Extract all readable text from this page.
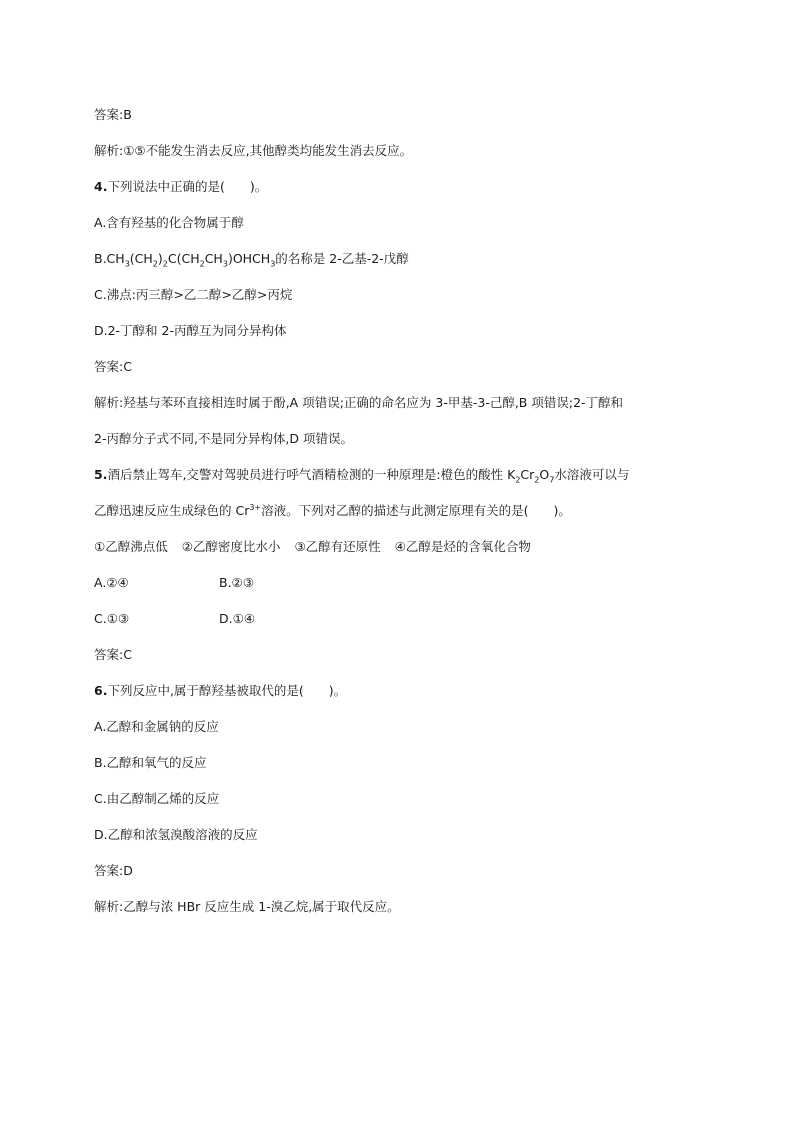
答案:B
解析:①⑤不能发生消去反应,其他醇类均能发生消去反应。
4.下列说法中正确的是(　　)。
A.含有羟基的化合物属于醇
$B.CH_3(CH_2)_2C(CH_2CH_3)OHCH_3$的名称是 2-乙基-2-戊醇
C.沸点:丙三醇>乙二醇>乙醇>丙烷
D.2-丁醇和 2-丙醇互为同分异构体
答案:C
解析:羟基与苯环直接相连时属于酚,A 项错误;正确的命名应为 3-甲基-3-己醇,B 项错误;2-丁醇和
2-丙醇分子式不同,不是同分异构体,D 项错误。
5.酒后禁止驾车,交警对驾驶员进行呼气酒精检测的一种原理是:橙色的酸性 $K_2Cr_2O_7$水溶液可以与
乙醇迅速反应生成绿色的 $Cr^{3+}$溶液。下列对乙醇的描述与此测定原理有关的是(　　)。
①乙醇沸点低 ②乙醇密度比水小 ③乙醇有还原性 ④乙醇是烃的含氧化合物
A.②④	B.②③
C.①③	D.①④
答案:C
6.下列反应中,属于醇羟基被取代的是(　　)。
A.乙醇和金属钠的反应
B.乙醇和氧气的反应
C.由乙醇制乙烯的反应
D.乙醇和浓氢溴酸溶液的反应
答案:D
解析:乙醇与浓 HBr 反应生成 1-溴乙烷,属于取代反应。
